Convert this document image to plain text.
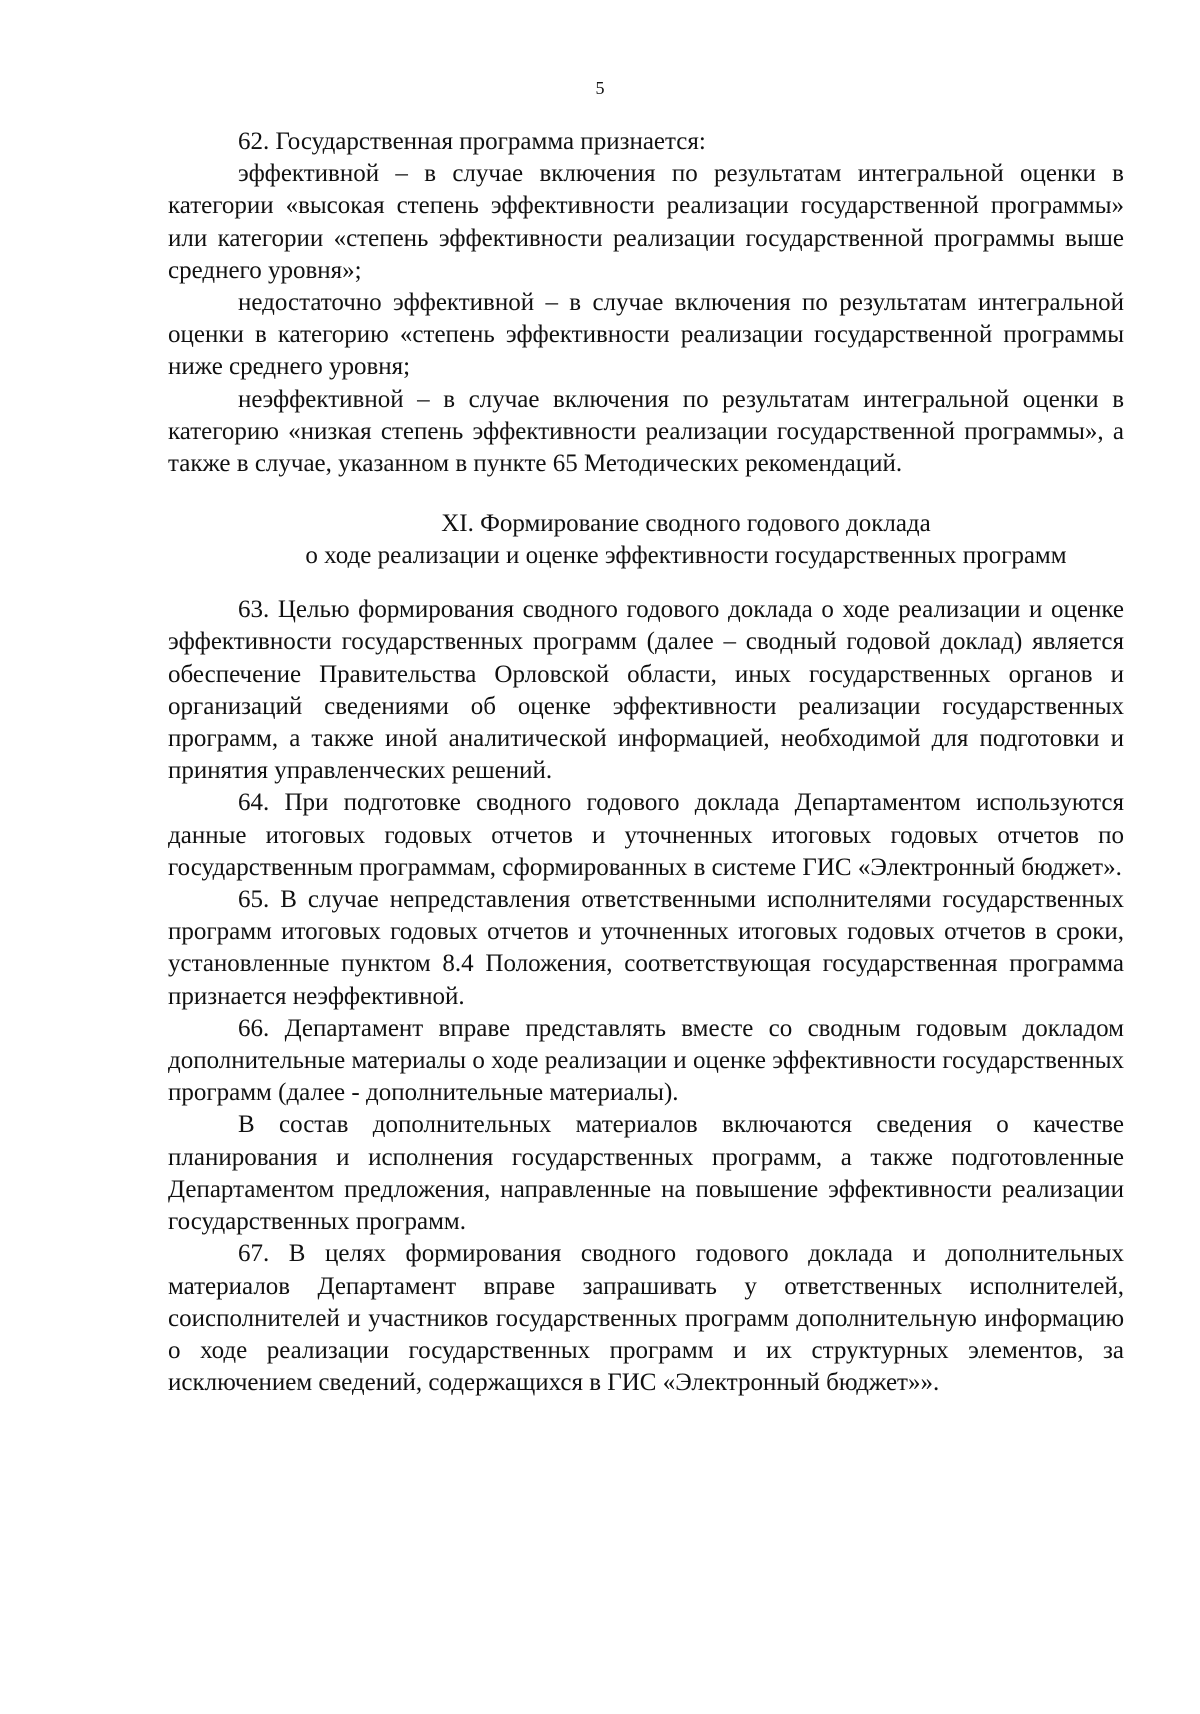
5

62. Государственная программа признается:

эффективной – в случае включения по результатам интегральной оценки в категории «высокая степень эффективности реализации государственной программы» или категории «степень эффективности реализации государственной программы выше среднего уровня»;

недостаточно эффективной – в случае включения по результатам интегральной оценки в категорию «степень эффективности реализации государственной программы ниже среднего уровня;

неэффективной – в случае включения по результатам интегральной оценки в категорию «низкая степень эффективности реализации государственной программы», а также в случае, указанном в пункте 65 Методических рекомендаций.

XI. Формирование сводного годового доклада
о ходе реализации и оценке эффективности государственных программ

63. Целью формирования сводного годового доклада о ходе реализации и оценке эффективности государственных программ (далее – сводный годовой доклад) является обеспечение Правительства Орловской области, иных государственных органов и организаций сведениями об оценке эффективности реализации государственных программ, а также иной аналитической информацией, необходимой для подготовки и принятия управленческих решений.

64. При подготовке сводного годового доклада Департаментом используются данные итоговых годовых отчетов и уточненных итоговых годовых отчетов по государственным программам, сформированных в системе ГИС «Электронный бюджет».

65. В случае непредставления ответственными исполнителями государственных программ итоговых годовых отчетов и уточненных итоговых годовых отчетов в сроки, установленные пунктом 8.4 Положения, соответствующая государственная программа признается неэффективной.

66. Департамент вправе представлять вместе со сводным годовым докладом дополнительные материалы о ходе реализации и оценке эффективности государственных программ (далее - дополнительные материалы).

В состав дополнительных материалов включаются сведения о качестве планирования и исполнения государственных программ, а также подготовленные Департаментом предложения, направленные на повышение эффективности реализации государственных программ.

67. В целях формирования сводного годового доклада и дополнительных материалов Департамент вправе запрашивать у ответственных исполнителей, соисполнителей и участников государственных программ дополнительную информацию о ходе реализации государственных программ и их структурных элементов, за исключением сведений, содержащихся в ГИС «Электронный бюджет»».
